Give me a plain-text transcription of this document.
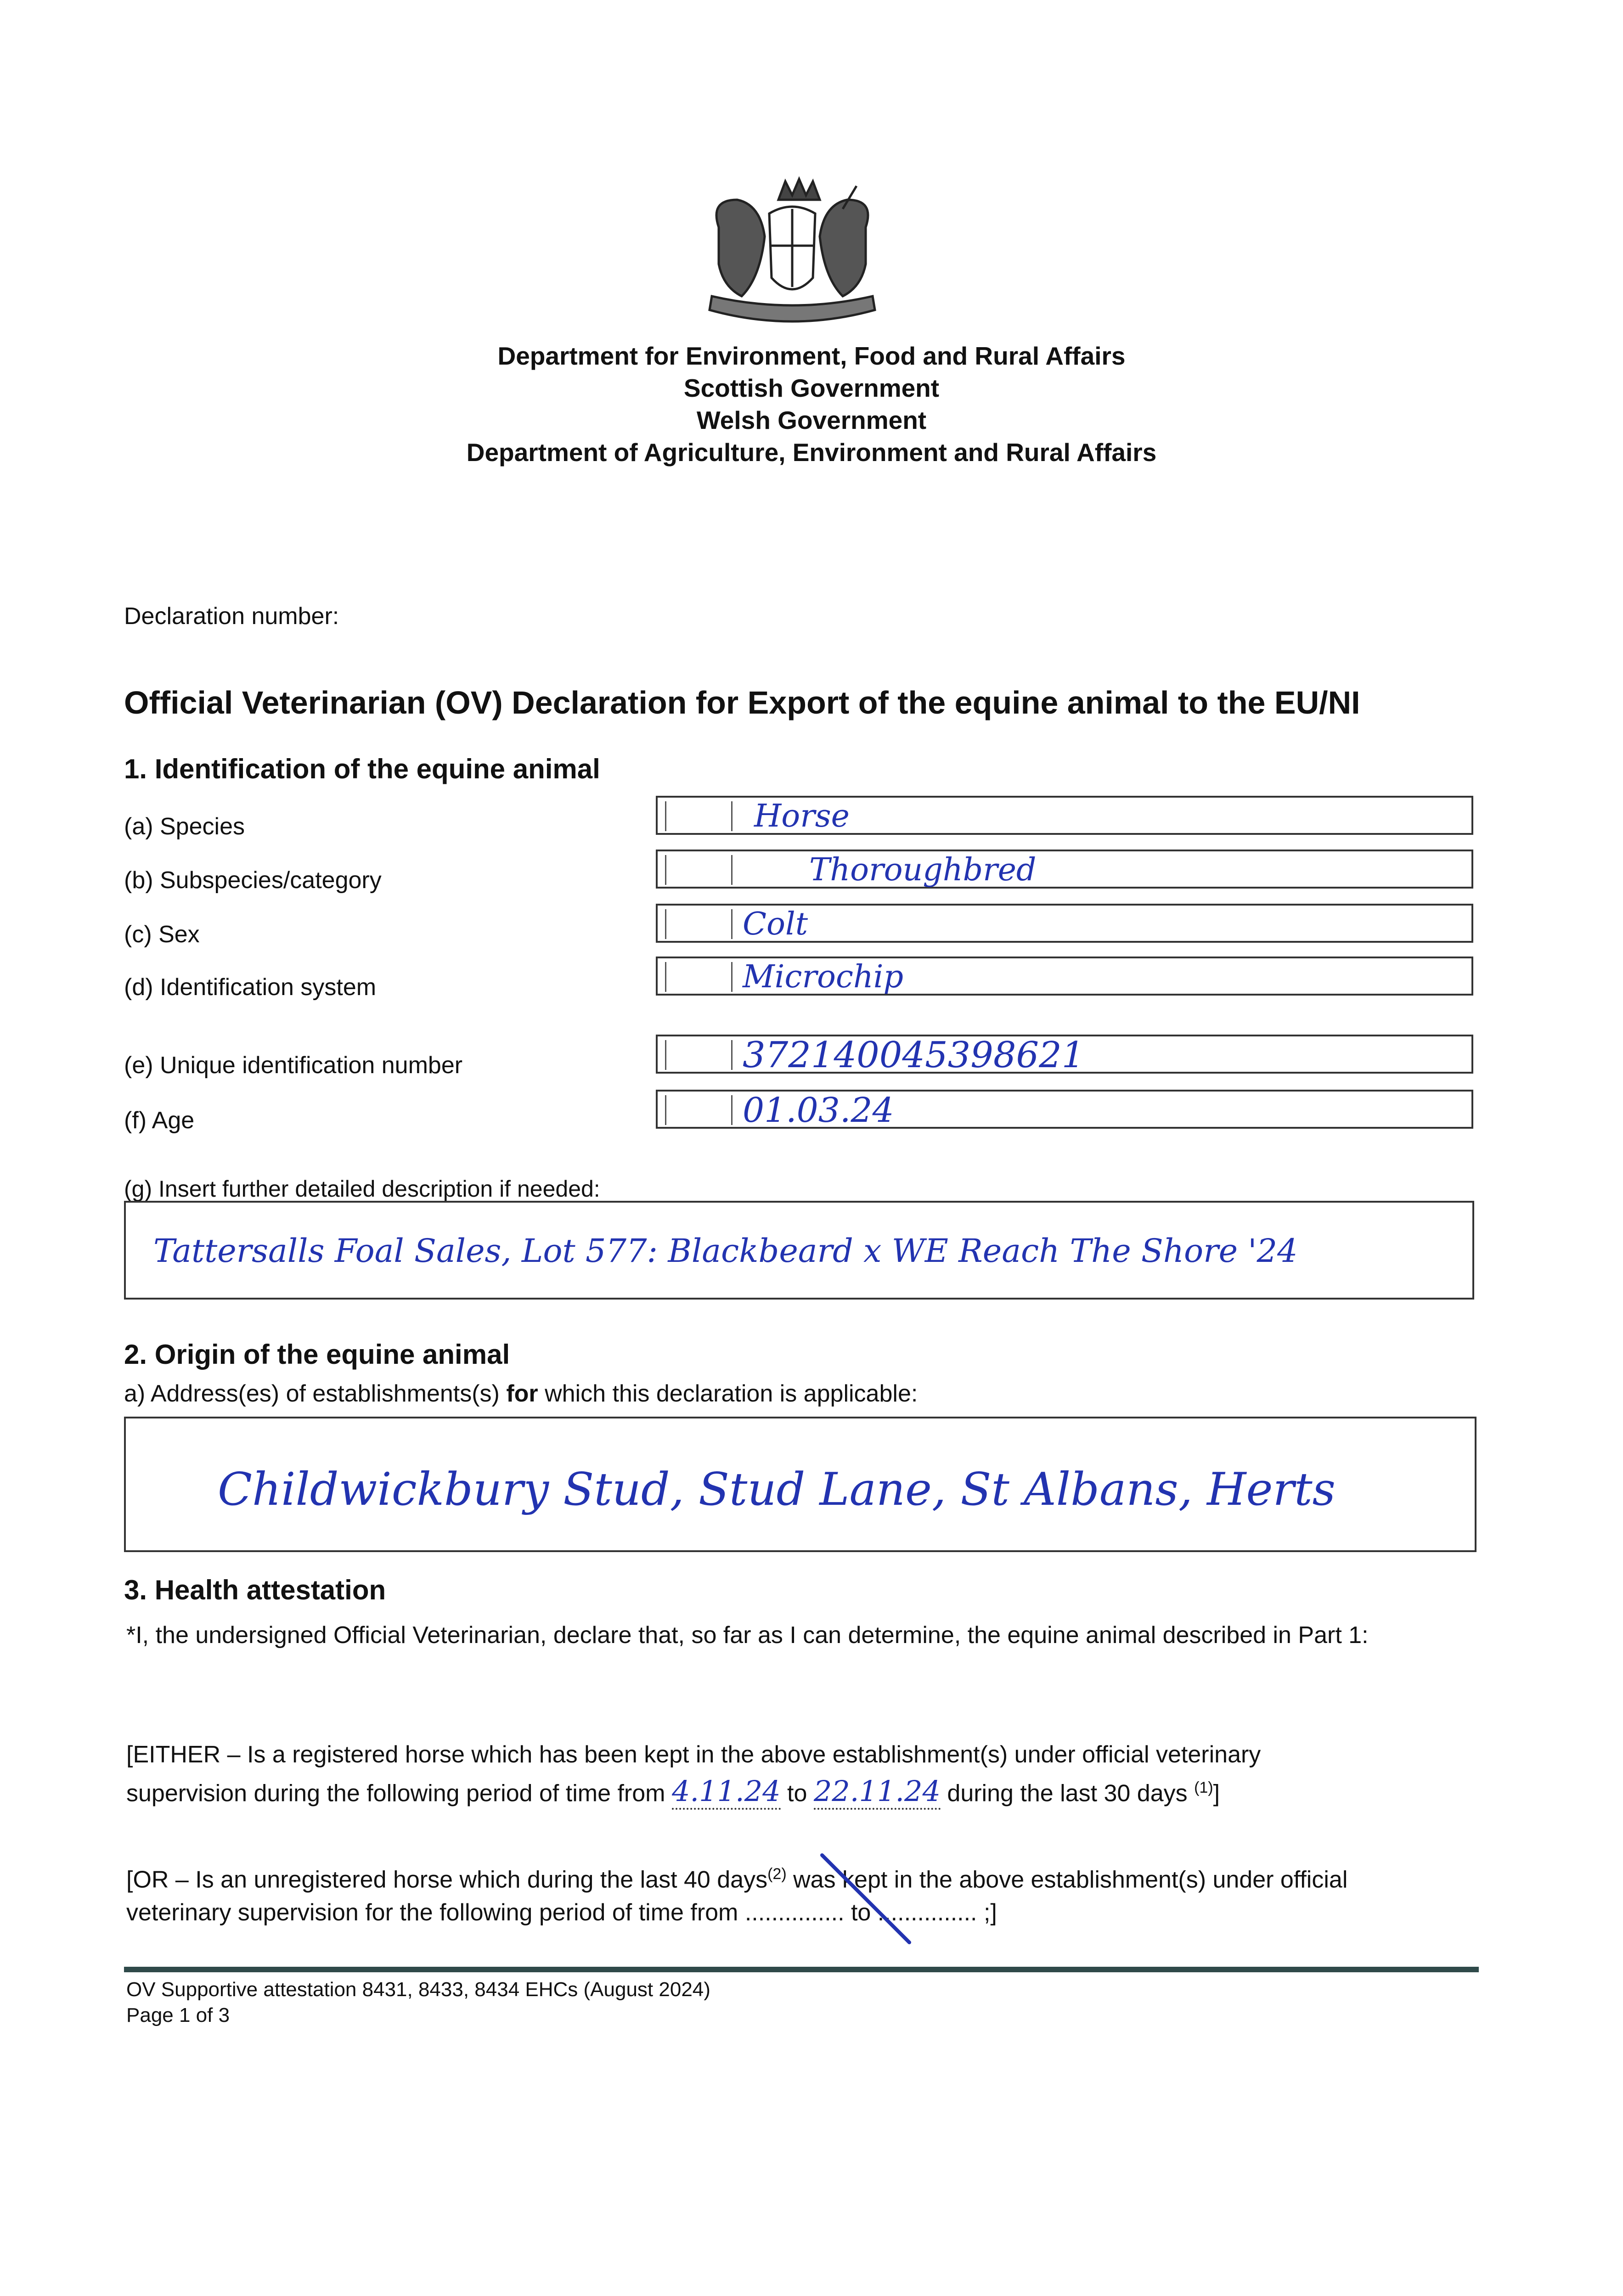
Department for Environment, Food and Rural Affairs
Scottish Government
Welsh Government
Department of Agriculture, Environment and Rural Affairs
Declaration number:
Official Veterinarian (OV) Declaration for Export of the equine animal to the EU/NI
1. Identification of the equine animal
(a) Species	Horse
(b) Subspecies/category	Thoroughbred
(c) Sex	Colt
(d) Identification system	Microchip
(e) Unique identification number	372140045398621
(f) Age	01.03.24
(g) Insert further detailed description if needed:
Tattersalls Foal Sales, Lot 577: Blackbeard x WE Reach The Shore '24
2. Origin of the equine animal
a) Address(es) of establishments(s) for which this declaration is applicable:
Childwickbury Stud, Stud Lane, St Albans, Herts
3. Health attestation
*I, the undersigned Official Veterinarian, declare that, so far as I can determine, the equine animal described in Part 1:
[EITHER – Is a registered horse which has been kept in the above establishment(s) under official veterinary
supervision during the following period of time from 4.11.24 to 22.11.24 during the last 30 days $^{(1)}$]
[OR – Is an unregistered horse which during the last 40 days$^{(2)}$ was kept in the above establishment(s) under official
veterinary supervision for the following period of time from ............... to ............... ;]
OV Supportive attestation 8431, 8433, 8434 EHCs (August 2024)
Page 1 of 3
